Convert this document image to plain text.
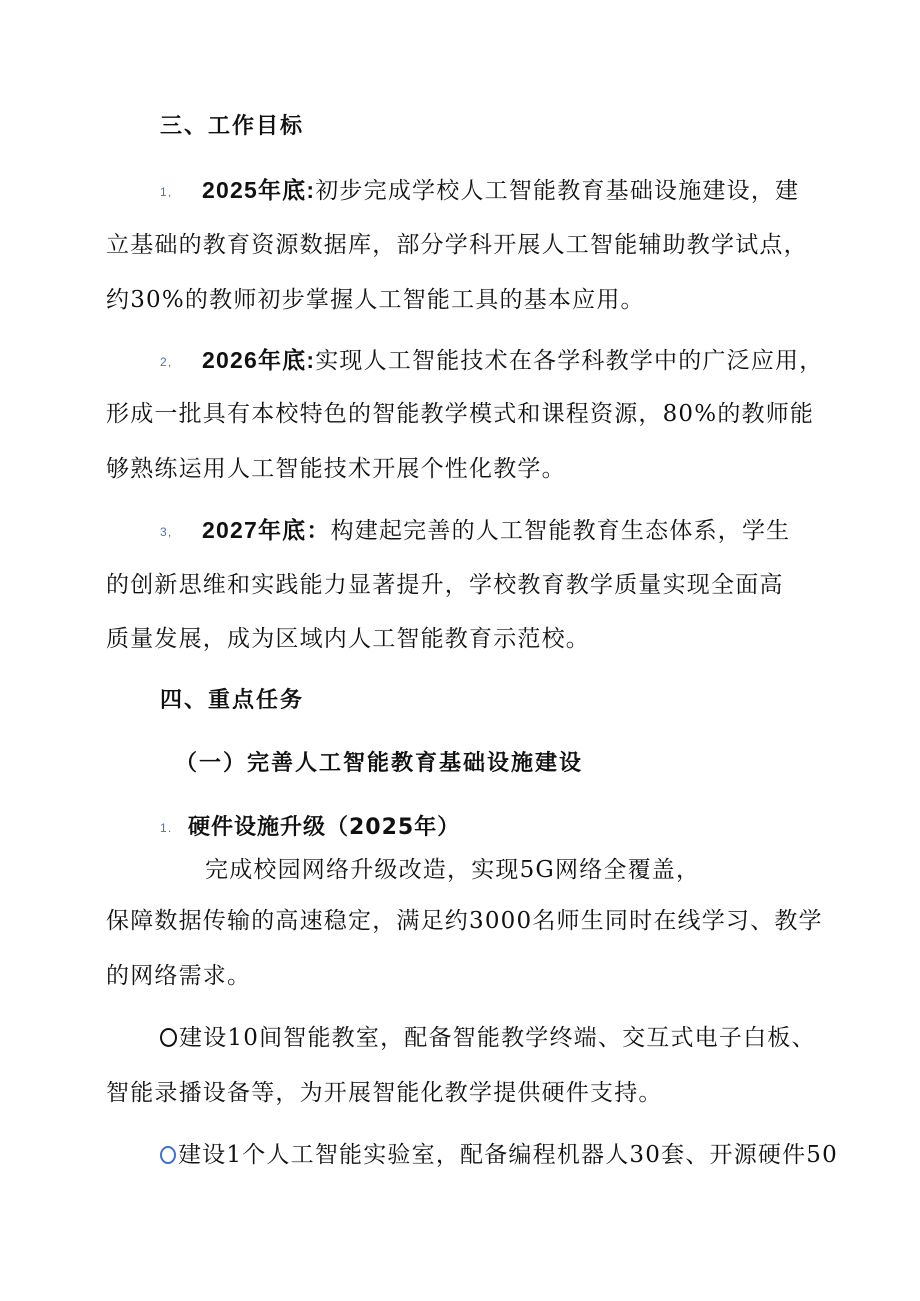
三、工作目标
1, 2025年底:初步完成学校人工智能教育基础设施建设，建
立基础的教育资源数据库，部分学科开展人工智能辅助教学试点，
约30%的教师初步掌握人工智能工具的基本应用。
2, 2026年底:实现人工智能技术在各学科教学中的广泛应用，
形成一批具有本校特色的智能教学模式和课程资源，80%的教师能
够熟练运用人工智能技术开展个性化教学。
3, 2027年底：构建起完善的人工智能教育生态体系，学生
的创新思维和实践能力显著提升，学校教育教学质量实现全面高
质量发展，成为区域内人工智能教育示范校。
四、重点任务
（一）完善人工智能教育基础设施建设
1. 硬件设施升级（2025年）
完成校园网络升级改造，实现5G网络全覆盖，
保障数据传输的高速稳定，满足约3000名师生同时在线学习、教学
的网络需求。
建设10间智能教室，配备智能教学终端、交互式电子白板、
智能录播设备等，为开展智能化教学提供硬件支持。
建设1个人工智能实验室，配备编程机器人30套、开源硬件50
